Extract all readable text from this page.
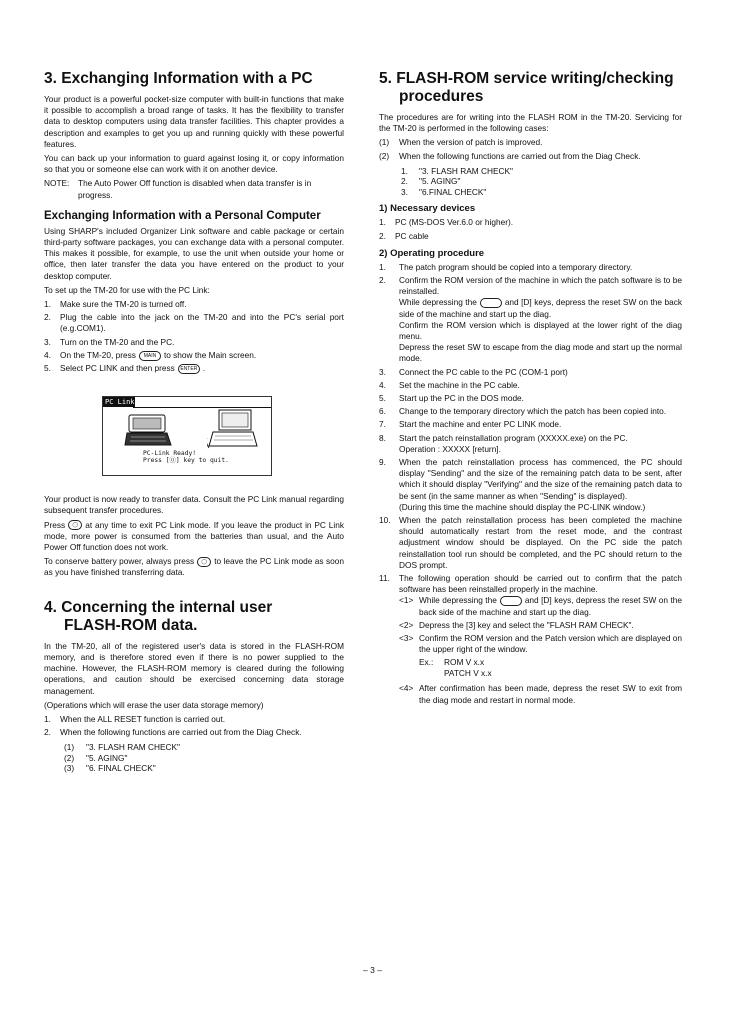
3. Exchanging Information with a PC

Your product is a powerful pocket-size computer with built-in functions that make it possible to accomplish a broad range of tasks. It has the flexibility to transfer data to desktop computers using data transfer facilities. This chapter provides a description and examples to get you up and running quickly with these powerful features.

You can back up your information to guard against losing it, or copy information so that you or someone else can work with it on another device.

NOTE:	The Auto Power Off function is disabled when data transfer is in progress.
Exchanging Information with a Personal Computer

Using SHARP's included Organizer Link software and cable package or certain third-party software packages, you can exchange data with a personal computer. This makes it possible, for example, to use the unit when outside your home or office, then later transfer the data you have entered on the product to your desktop computer.

To set up the TM-20 for use with the PC Link:

1.	Make sure the TM-20 is turned off.
2.	Plug the cable into the jack on the TM-20 and into the PC's serial port (e.g.COM1).
3.	Turn on the TM-20 and the PC.
4.	On the TM-20, press MAIN to show the Main screen.
5.	Select PC LINK and then press ENTER .
PC Link
PC-Link Ready!
Press [⓪] key to quit.

Your product is now ready to transfer data. Consult the PC Link manual regarding subsequent transfer procedures.

Press ◯ at any time to exit PC Link mode. If you leave the product in PC Link mode, more power is consumed from the batteries than usual, and the Auto Power Off function does not work.

To conserve battery power, always press ◯ to leave the PC Link mode as soon as you have finished transferring data.

4. Concerning the internal user
FLASH-ROM data.

In the TM-20, all of the registered user's data is stored in the FLASH-ROM memory, and is therefore stored even if there is no power supplied to the machine. However, the FLASH-ROM memory is cleared during the following operations, and caution should be exercised concerning data storage management.

(Operations which will erase the user data storage memory)

1.	When the ALL RESET function is carried out.
2.	When the following functions are carried out from the Diag Check.
(1)	"3. FLASH RAM CHECK"
(2)	"5. AGING"
(3)	"6. FINAL CHECK"
5. FLASH-ROM service writing/checking
procedures

The procedures are for writing into the FLASH ROM in the TM-20. Servicing for the TM-20 is performed in the following cases:

(1)	When the version of patch is improved.
(2)	When the following functions are carried out from the Diag Check.
1.	"3. FLASH RAM CHECK"
2.	"5. AGING"
3.	"6.FINAL CHECK"
1) Necessary devices
1.	PC (MS-DOS Ver.6.0 or higher).
2.	PC cable
2) Operating procedure
1.	The patch program should be copied into a temporary directory.
2.	Confirm the ROM version of the machine in which the patch software is to be reinstalled.
While depressing the	and [D] keys, depress the reset SW on the back side of the machine and start up the diag.
Confirm the ROM version which is displayed at the lower right of the diag menu.
Depress the reset SW to escape from the diag mode and start up the normal mode.
3.	Connect the PC cable to the PC (COM-1 port)
4.	Set the machine in the PC cable.
5.	Start up the PC in the DOS mode.
6.	Change to the temporary directory which the patch has been copied into.
7.	Start the machine and enter PC LINK mode.
8.	Start the patch reinstallation program (XXXXX.exe) on the PC.
Operation : XXXXX [return].
9.	When the patch reinstallation process has commenced, the PC should display "Sending" and the size of the remaining patch data to be sent, after which it should display "Verifying" and the size of the remaining patch data to be sent (in the same manner as when "Sending" is displayed).
(During this time the machine should display the PC-LINK window.)
10.	When the patch reinstallation process has been completed the machine should automatically restart from the reset mode, and the contrast adjustment window should be displayed. On the PC side the patch reinstallation tool run should be completed, and the PC should return to the DOS prompt.
11.	The following operation should be carried out to confirm that the patch software has been reinstalled properly in the machine.
<1> While depressing the	and [D] keys, depress the reset SW on the back side of the machine and start up the diag.
<2> Depress the [3] key and select the "FLASH RAM CHECK".
<3> Confirm the ROM version and the Patch version which are displayed on the upper right of the window.
Ex.:	ROM V x.x
PATCH V x.x
<4> After confirmation has been made, depress the reset SW to exit from the diag mode and restart in normal mode.
– 3 –
